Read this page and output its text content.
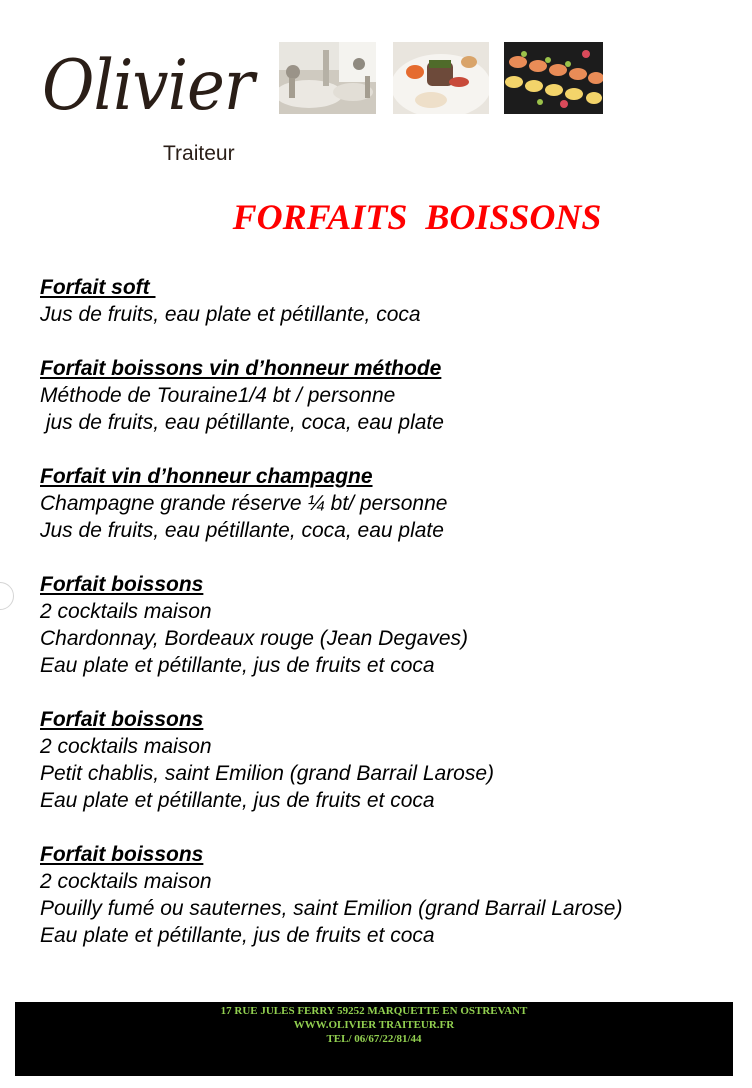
Olivier
Traiteur
FORFAITS  BOISSONS

Forfait soft

Jus de fruits, eau plate et pétillante, coca

Forfait boissons vin d’honneur méthode

Méthode de Touraine1/4 bt / personne

jus de fruits, eau pétillante, coca, eau plate

Forfait vin d’honneur champagne

Champagne grande réserve ¼ bt/ personne

Jus de fruits, eau pétillante, coca, eau plate

Forfait boissons

2 cocktails maison

Chardonnay, Bordeaux rouge (Jean Degaves)

Eau plate et pétillante, jus de fruits et coca

Forfait boissons

2 cocktails maison

Petit chablis, saint Emilion (grand Barrail Larose)

Eau plate et pétillante, jus de fruits et coca

Forfait boissons

2 cocktails maison

Pouilly fumé ou sauternes, saint Emilion (grand Barrail Larose)

Eau plate et pétillante, jus de fruits et coca

17 RUE JULES FERRY 59252 MARQUETTE EN OSTREVANT

WWW.OLIVIER TRAITEUR.FR

TEL/ 06/67/22/81/44
